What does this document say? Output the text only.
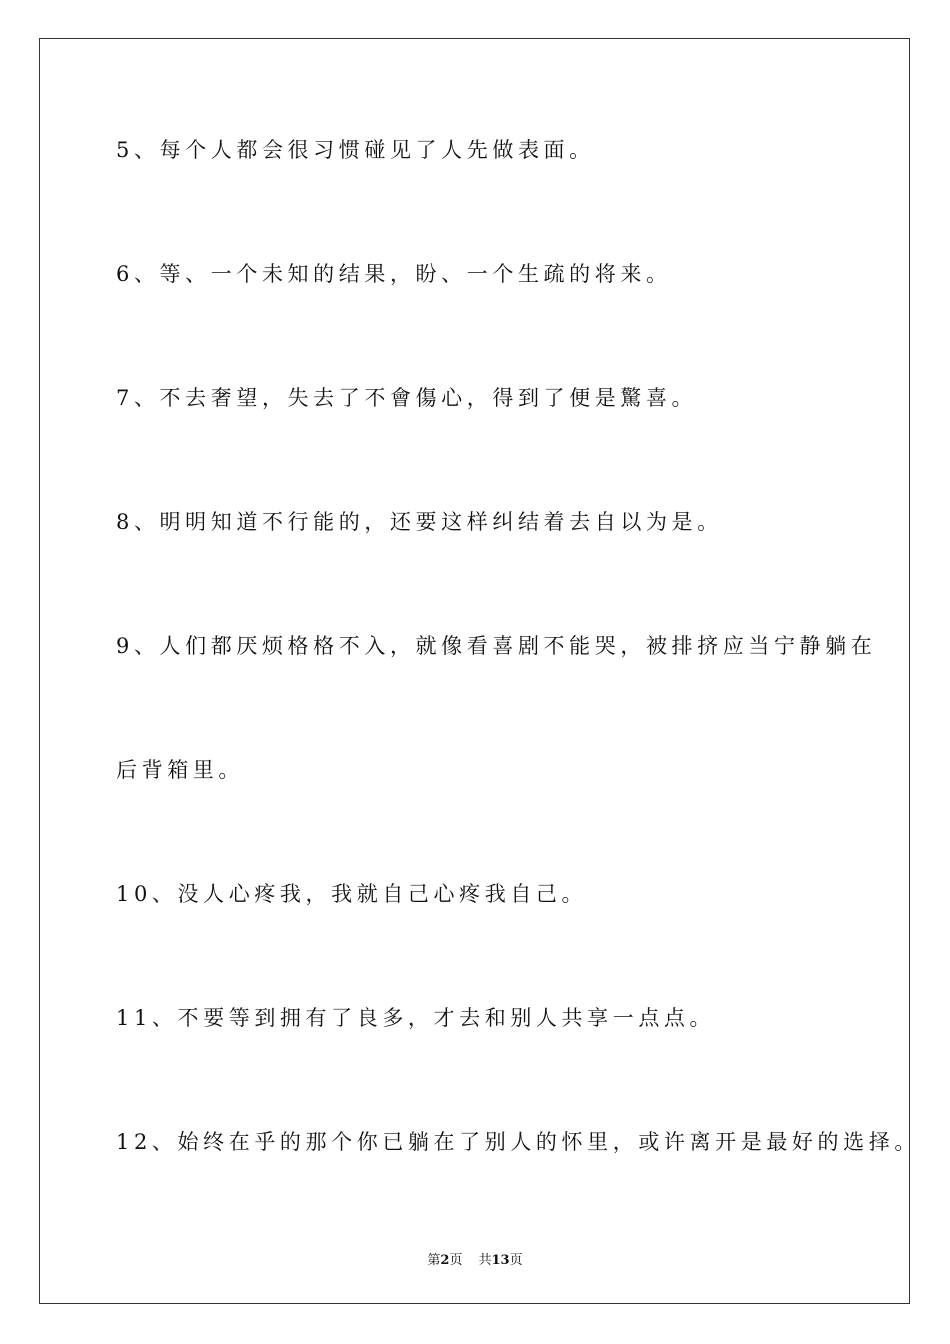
5、每个人都会很习惯碰见了人先做表面。
6、等、一个未知的结果，盼、一个生疏的将来。
7、不去奢望，失去了不會傷心，得到了便是驚喜。
8、明明知道不行能的，还要这样纠结着去自以为是。
9、人们都厌烦格格不入，就像看喜剧不能哭，被排挤应当宁静躺在
后背箱里。
10、没人心疼我，我就自己心疼我自己。
11、不要等到拥有了良多，才去和别人共享一点点。
12、始终在乎的那个你已躺在了别人的怀里，或许离开是最好的选择。
第2页 共13页
